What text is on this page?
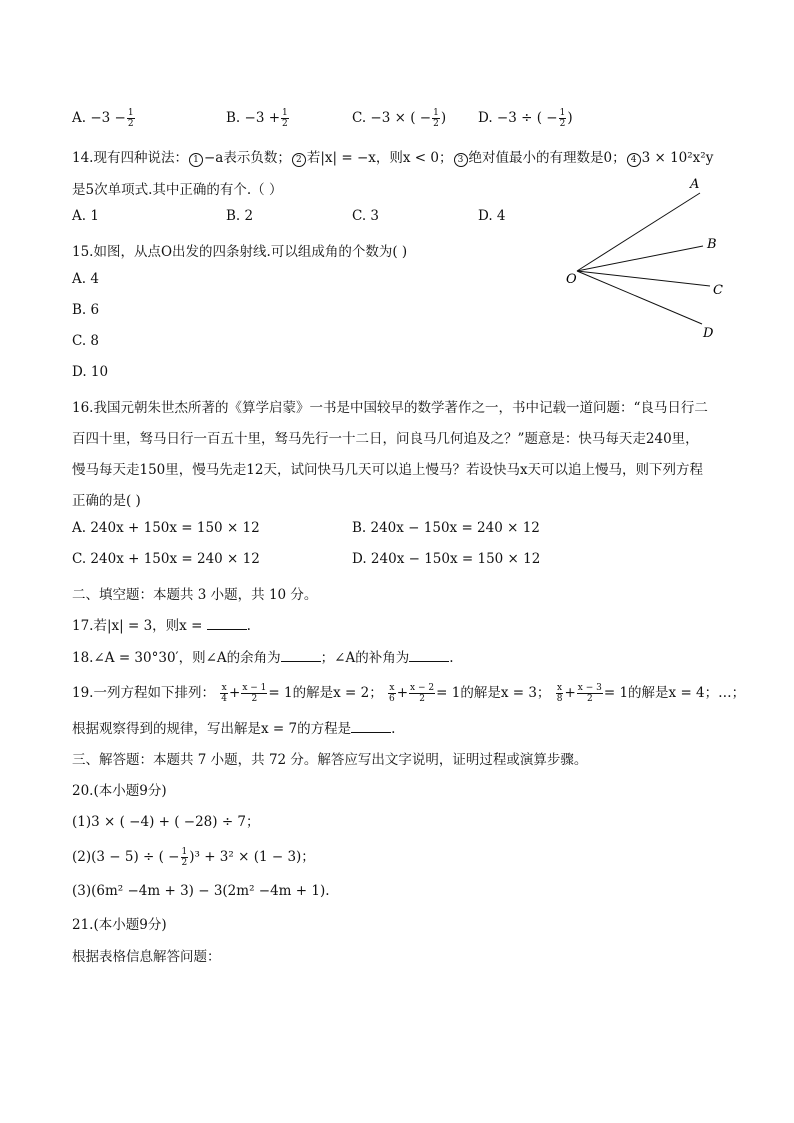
A. $-3 - \frac{1}{2}$	B. $-3 + \frac{1}{2}$	C. −3 × ( − $\frac{1}{2}$ ) D. −3 ÷ ( − $\frac{1}{2}$ )
14.现有四种说法： 1 −a表示负数； 2 若|x| = −x，则x < 0； 3 绝对值最小的有理数是0； 4 3 × 10²x²y
是5次单项式.其中正确的有个.（ ）
A. 1	B. 2	C. 3	D. 4
15.如图，从点O出发的四条射线.可以组成角的个数为( )
A. 4
B. 6
C. 8
D. 10
A
B
C
D
O
16.我国元朝朱世杰所著的《算学启蒙》一书是中国较早的数学著作之一，书中记载一道问题：“良马日行二
百四十里，驽马日行一百五十里，驽马先行一十二日，问良马几何追及之？”题意是：快马每天走240里，
慢马每天走150里，慢马先走12天，试问快马几天可以追上慢马？若设快马x天可以追上慢马，则下列方程
正确的是( )
A. 240x + 150x = 150 × 12	B. 240x − 150x = 240 × 12
C. 240x + 150x = 240 × 12	D. 240x − 150x = 150 × 12
二、填空题：本题共 3 小题，共 10 分。
17.若|x| = 3，则x =	.
18.∠A = 30°30′，则∠A的余角为	；∠A的补角为	.
19.一列方程如下排列： $\frac{x}{4} + \frac{x - 1}{2} = 1$的解是x = 2； $\frac{x}{6} + \frac{x - 2}{2} = 1$的解是x = 3； $\frac{x}{8} + \frac{x - 3}{2} = 1$的解是x = 4；…；
根据观察得到的规律，写出解是x = 7的方程是	.
三、解答题：本题共 7 小题，共 72 分。解答应写出文字说明，证明过程或演算步骤。
20.(本小题9分)
(1)3 × ( −4) + ( −28) ÷ 7；
(2)(3 − 5) ÷ ( − $\frac{1}{2} )^3 + 3^2 \times (1 - 3)$；
(3)(6m² −4m + 3) − 3(2m² −4m + 1).
21.(本小题9分)
根据表格信息解答问题：
